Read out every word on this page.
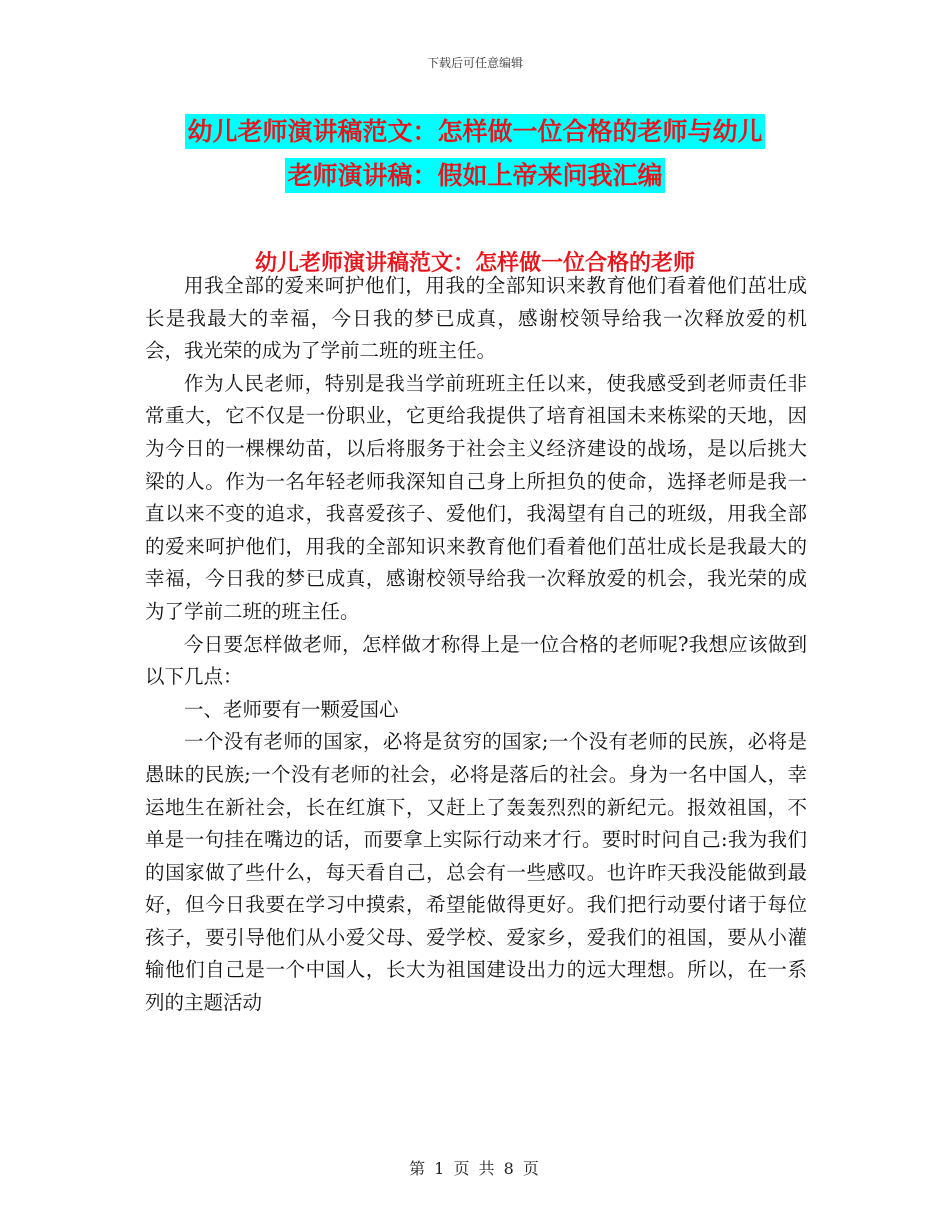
下载后可任意编辑
幼儿老师演讲稿范文：怎样做一位合格的老师与幼儿
老师演讲稿：假如上帝来问我汇编
幼儿老师演讲稿范文：怎样做一位合格的老师

用我全部的爱来呵护他们，用我的全部知识来教育他们看着他们茁壮成长是我最大的幸福，今日我的梦已成真，感谢校领导给我一次释放爱的机会，我光荣的成为了学前二班的班主任。

作为人民老师，特别是我当学前班班主任以来，使我感受到老师责任非常重大，它不仅是一份职业，它更给我提供了培育祖国未来栋梁的天地，因为今日的一棵棵幼苗，以后将服务于社会主义经济建设的战场，是以后挑大梁的人。作为一名年轻老师我深知自己身上所担负的使命，选择老师是我一直以来不变的追求，我喜爱孩子、爱他们，我渴望有自己的班级，用我全部的爱来呵护他们，用我的全部知识来教育他们看着他们茁壮成长是我最大的幸福，今日我的梦已成真，感谢校领导给我一次释放爱的机会，我光荣的成为了学前二班的班主任。

今日要怎样做老师，怎样做才称得上是一位合格的老师呢?我想应该做到以下几点：

一、老师要有一颗爱国心

一个没有老师的国家，必将是贫穷的国家;一个没有老师的民族，必将是愚昧的民族;一个没有老师的社会，必将是落后的社会。身为一名中国人，幸运地生在新社会，长在红旗下，又赶上了轰轰烈烈的新纪元。报效祖国，不单是一句挂在嘴边的话，而要拿上实际行动来才行。要时时问自己:我为我们的国家做了些什么，每天看自己，总会有一些感叹。也许昨天我没能做到最好，但今日我要在学习中摸索，希望能做得更好。我们把行动要付诸于每位孩子，要引导他们从小爱父母、爱学校、爱家乡，爱我们的祖国，要从小灌输他们自己是一个中国人，长大为祖国建设出力的远大理想。所以，在一系列的主题活动

第 1 页 共 8 页
